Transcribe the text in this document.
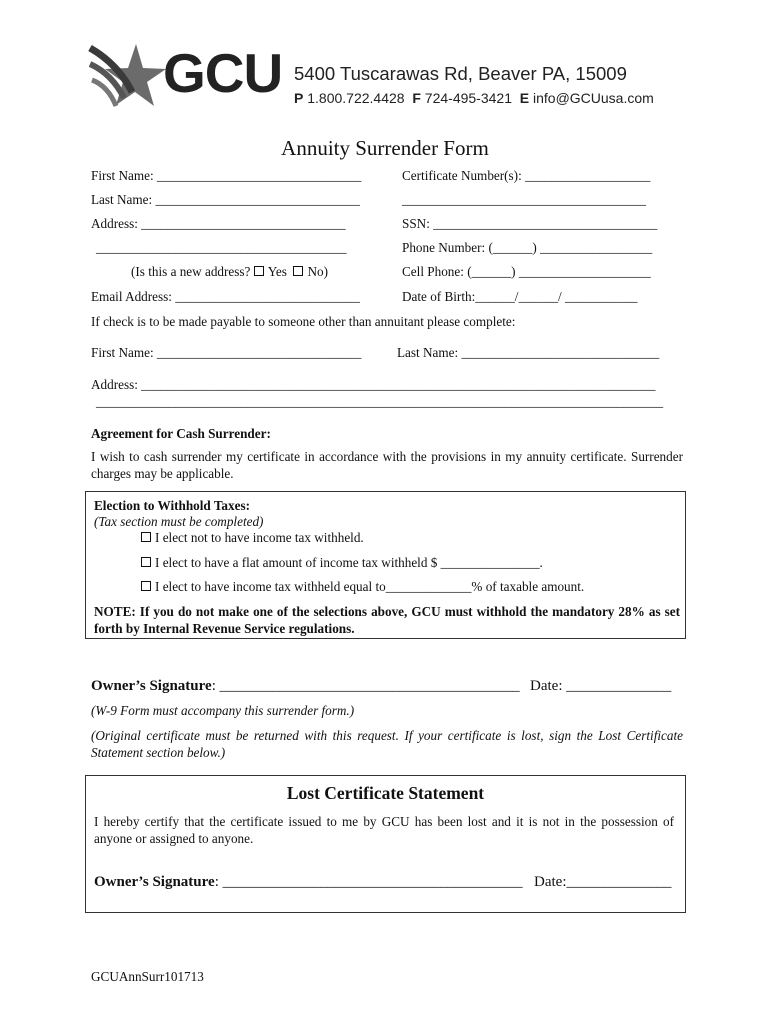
GCU 5400 Tuscarawas Rd, Beaver PA, 15009
P 1.800.722.4428 F 724-495-3421 E info@GCUusa.com
Annuity Surrender Form
First Name: _______________________________	Certificate Number(s): ___________________
Last Name: _______________________________	_____________________________________
Address: _______________________________	SSN: __________________________________
______________________________________	Phone Number: (______) _________________
(Is this a new address? Yes No)	Cell Phone: (______) ____________________
Email Address: ____________________________	Date of Birth:______/______/ ___________
If check is to be made payable to someone other than annuitant please complete:
First Name: _______________________________	Last Name: ______________________________
Address: ______________________________________________________________________________
______________________________________________________________________________________
Agreement for Cash Surrender:
I wish to cash surrender my certificate in accordance with the provisions in my annuity certificate. Surrender charges may be applicable.
Election to Withhold Taxes:
(Tax section must be completed)
I elect not to have income tax withheld.
I elect to have a flat amount of income tax withheld $ _______________.
I elect to have income tax withheld equal to_____________% of taxable amount.
NOTE: If you do not make one of the selections above, GCU must withhold the mandatory 28% as set forth by Internal Revenue Service regulations.
Owner’s Signature: ________________________________________ Date: ______________
(W-9 Form must accompany this surrender form.)
(Original certificate must be returned with this request. If your certificate is lost, sign the Lost Certificate Statement section below.)
Lost Certificate Statement
I hereby certify that the certificate issued to me by GCU has been lost and it is not in the possession of anyone or assigned to anyone.
Owner’s Signature: ________________________________________ Date:______________
GCUAnnSurr101713
